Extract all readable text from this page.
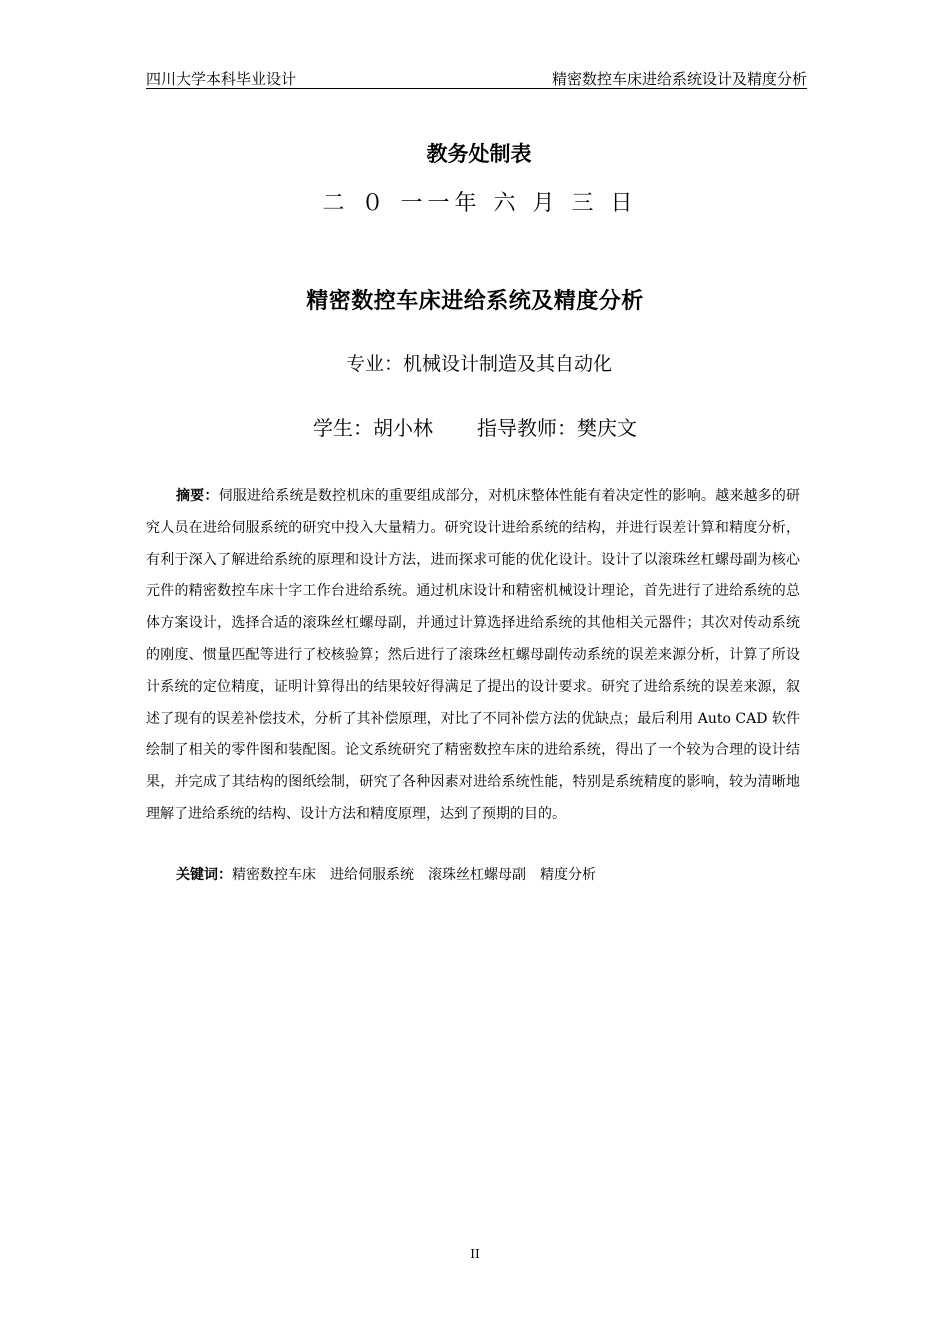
四川大学本科毕业设计	精密数控车床进给系统设计及精度分析
教务处制表
二 ０ 一一年 六 月 三 日
精密数控车床进给系统及精度分析
专业：机械设计制造及其自动化
学生：胡小林 指导教师：樊庆文

摘要：伺服进给系统是数控机床的重要组成部分，对机床整体性能有着决定性的影响。越来越多的研究人员在进给伺服系统的研究中投入大量精力。研究设计进给系统的结构，并进行误差计算和精度分析，有利于深入了解进给系统的原理和设计方法，进而探求可能的优化设计。设计了以滚珠丝杠螺母副为核心元件的精密数控车床十字工作台进给系统。通过机床设计和精密机械设计理论，首先进行了进给系统的总体方案设计，选择合适的滚珠丝杠螺母副，并通过计算选择进给系统的其他相关元器件；其次对传动系统的刚度、惯量匹配等进行了校核验算；然后进行了滚珠丝杠螺母副传动系统的误差来源分析，计算了所设计系统的定位精度，证明计算得出的结果较好得满足了提出的设计要求。研究了进给系统的误差来源，叙述了现有的误差补偿技术，分析了其补偿原理，对比了不同补偿方法的优缺点；最后利用 Auto CAD 软件绘制了相关的零件图和装配图。论文系统研究了精密数控车床的进给系统，得出了一个较为合理的设计结果，并完成了其结构的图纸绘制，研究了各种因素对进给系统性能，特别是系统精度的影响，较为清晰地理解了进给系统的结构、设计方法和精度原理，达到了预期的目的。

关键词：精密数控车床 进给伺服系统 滚珠丝杠螺母副 精度分析
II
